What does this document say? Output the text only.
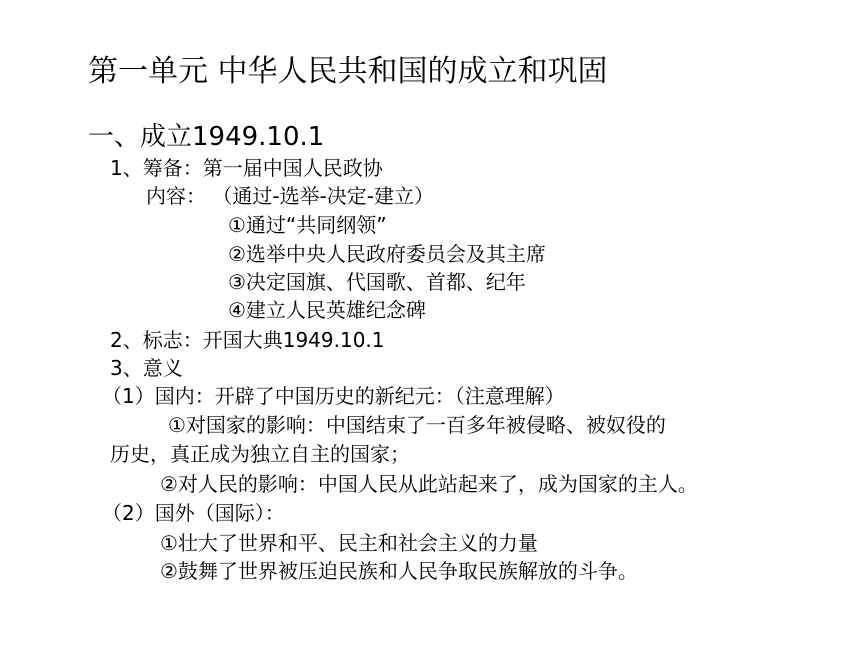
第一单元 中华人民共和国的成立和巩固
一、成立1949.10.1
1、筹备：第一届中国人民政协
内容： （通过-选举-决定-建立）
①通过“共同纲领”
②选举中央人民政府委员会及其主席
③决定国旗、代国歌、首都、纪年
④建立人民英雄纪念碑
2、标志：开国大典1949.10.1
3、意义
（1）国内：开辟了中国历史的新纪元：（注意理解）
①对国家的影响：中国结束了一百多年被侵略、被奴役的
历史，真正成为独立自主的国家；
②对人民的影响：中国人民从此站起来了，成为国家的主人。
（2）国外（国际）：
①壮大了世界和平、民主和社会主义的力量
②鼓舞了世界被压迫民族和人民争取民族解放的斗争。
